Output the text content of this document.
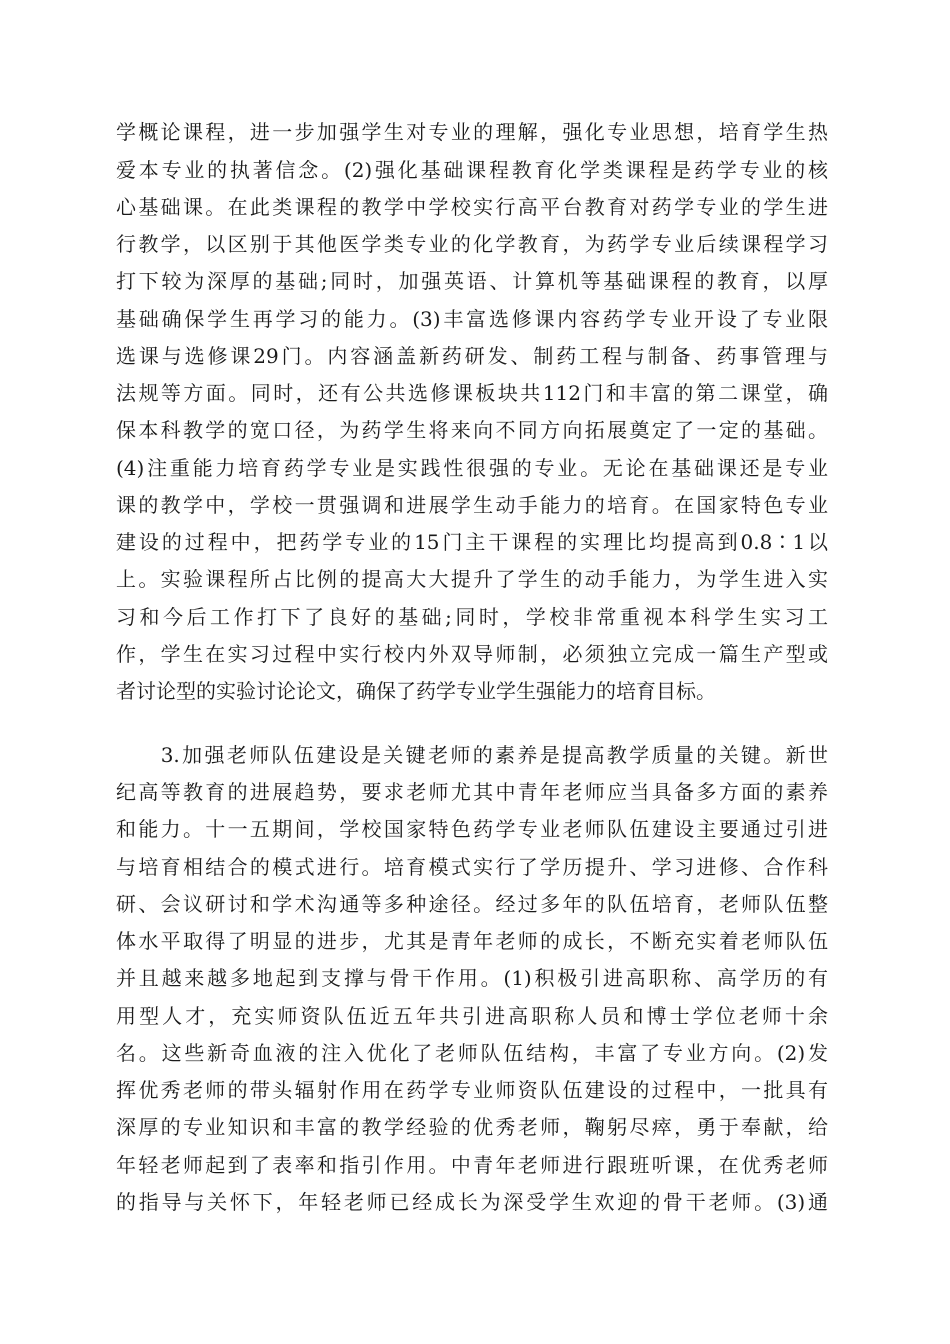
学概论课程，进一步加强学生对专业的理解，强化专业思想，培育学生热
爱本专业的执著信念。(2)强化基础课程教育化学类课程是药学专业的核
心基础课。在此类课程的教学中学校实行高平台教育对药学专业的学生进
行教学，以区别于其他医学类专业的化学教育，为药学专业后续课程学习
打下较为深厚的基础;同时，加强英语、计算机等基础课程的教育，以厚
基础确保学生再学习的能力。(3)丰富选修课内容药学专业开设了专业限
选课与选修课29门。内容涵盖新药研发、制药工程与制备、药事管理与
法规等方面。同时，还有公共选修课板块共112门和丰富的第二课堂，确
保本科教学的宽口径，为药学生将来向不同方向拓展奠定了一定的基础。
(4)注重能力培育药学专业是实践性很强的专业。无论在基础课还是专业
课的教学中，学校一贯强调和进展学生动手能力的培育。在国家特色专业
建设的过程中，把药学专业的15门主干课程的实理比均提高到0.8∶1以
上。实验课程所占比例的提高大大提升了学生的动手能力，为学生进入实
习和今后工作打下了良好的基础;同时，学校非常重视本科学生实习工
作，学生在实习过程中实行校内外双导师制，必须独立完成一篇生产型或
者讨论型的实验讨论论文，确保了药学专业学生强能力的培育目标。
　　3.加强老师队伍建设是关键老师的素养是提高教学质量的关键。新世
纪高等教育的进展趋势，要求老师尤其中青年老师应当具备多方面的素养
和能力。十一五期间，学校国家特色药学专业老师队伍建设主要通过引进
与培育相结合的模式进行。培育模式实行了学历提升、学习进修、合作科
研、会议研讨和学术沟通等多种途径。经过多年的队伍培育，老师队伍整
体水平取得了明显的进步，尤其是青年老师的成长，不断充实着老师队伍
并且越来越多地起到支撑与骨干作用。(1)积极引进高职称、高学历的有
用型人才，充实师资队伍近五年共引进高职称人员和博士学位老师十余
名。这些新奇血液的注入优化了老师队伍结构，丰富了专业方向。(2)发
挥优秀老师的带头辐射作用在药学专业师资队伍建设的过程中，一批具有
深厚的专业知识和丰富的教学经验的优秀老师，鞠躬尽瘁，勇于奉献，给
年轻老师起到了表率和指引作用。中青年老师进行跟班听课，在优秀老师
的指导与关怀下，年轻老师已经成长为深受学生欢迎的骨干老师。(3)通
